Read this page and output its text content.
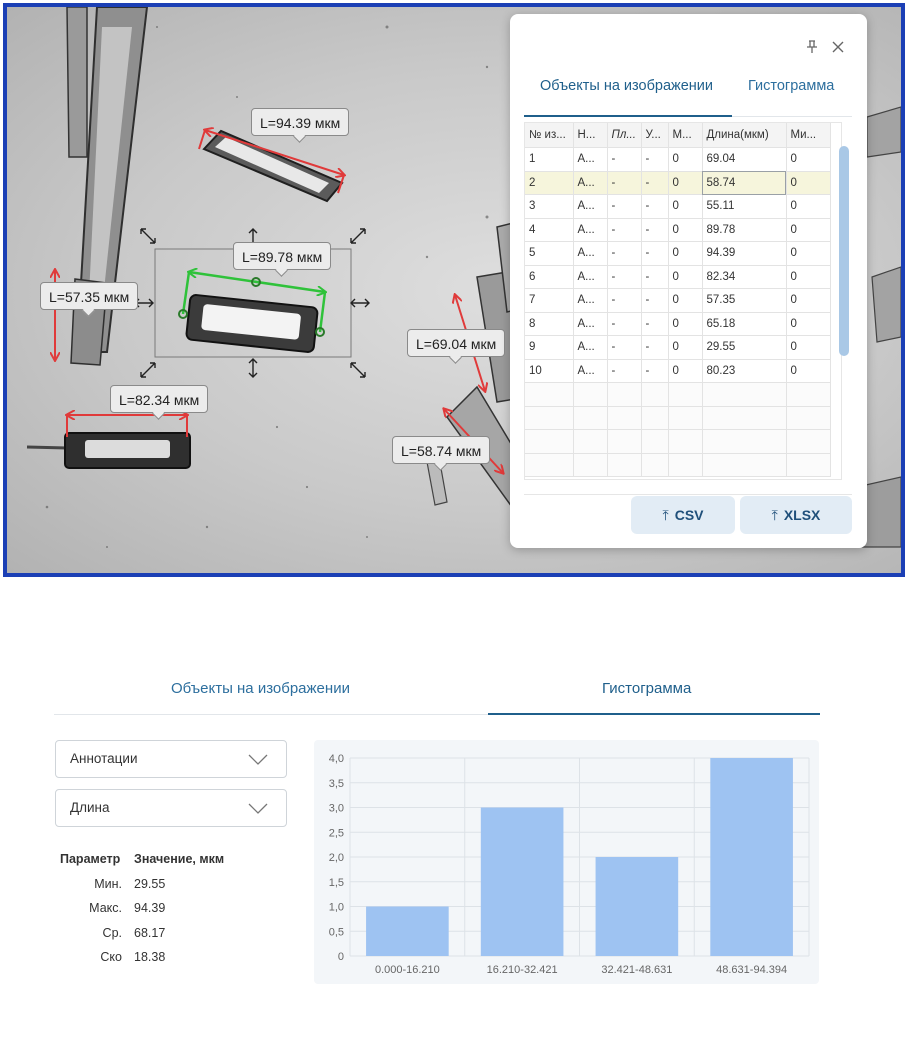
L=94.39 мкм
L=89.78 мкм
L=57.35 мкм
L=69.04 мкм
L=82.34 мкм
L=58.74 мкм
Объекты на изображении Гистограмма
№ из...	Н...	Пл...	У...	М...	Длина(мкм)	Ми...
1	А...	-	-	0	69.04	0
2	А...	-	-	0	58.74	0
3	А...	-	-	0	55.11	0
4	А...	-	-	0	89.78	0
5	А...	-	-	0	94.39	0
6	А...	-	-	0	82.34	0
7	А...	-	-	0	57.35	0
8	А...	-	-	0	65.18	0
9	А...	-	-	0	29.55	0
10	А...	-	-	0	80.23	0

⤒ CSV	⤒ XLSX
Объекты на изображении	Гистограмма
Аннотации
Длина
Параметр Значение, мкм
Мин. 29.55
Макс. 94.39
Ср. 68.17
Ско 18.38	0
0,5
1,0
1,5
2,0
2,5
3,0
3,5
4,0
0.000-16.210	16.210-32.421	32.421-48.631	48.631-94.394
